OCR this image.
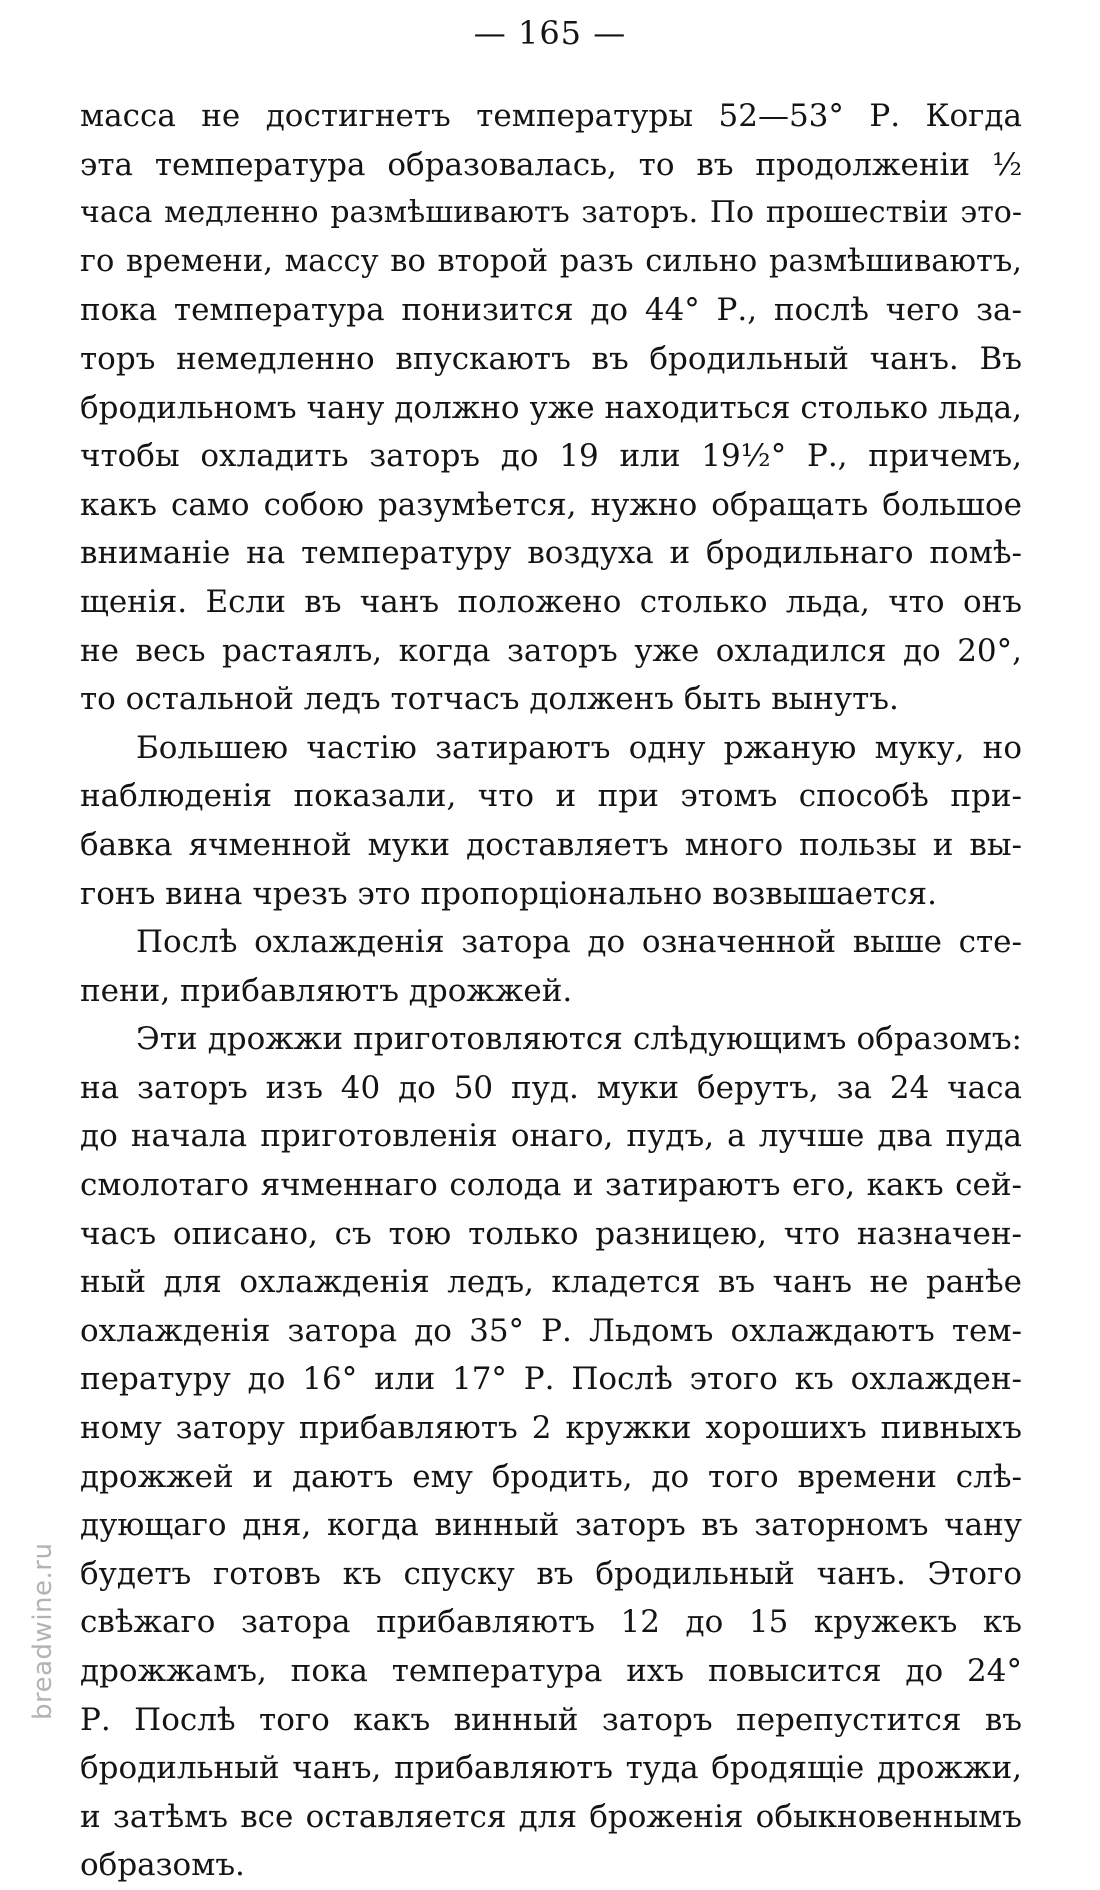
— 165 —
масса не достигнетъ температуры 52—53° Р. Когда
эта температура образовалась, то въ продолженіи ½
часа медленно размѣшиваютъ заторъ. По прошествіи это-
го времени, массу во второй разъ сильно размѣшиваютъ,
пока температура понизится до 44° Р., послѣ чего за-
торъ немедленно впускаютъ въ бродильный чанъ. Въ
бродильномъ чану должно уже находиться столько льда,
чтобы охладить заторъ до 19 или 19½° Р., причемъ,
какъ само собою разумѣется, нужно обращать большое
вниманіе на температуру воздуха и бродильнаго помѣ-
щенія. Если въ чанъ положено столько льда, что онъ
не весь растаялъ, когда заторъ уже охладился до 20°,
то остальной ледъ тотчасъ долженъ быть вынутъ.
Большею частію затираютъ одну ржаную муку, но
наблюденія показали, что и при этомъ способѣ при-
бавка ячменной муки доставляетъ много пользы и вы-
гонъ вина чрезъ это пропорціонально возвышается.
Послѣ охлажденія затора до означенной выше сте-
пени, прибавляютъ дрожжей.
Эти дрожжи приготовляются слѣдующимъ образомъ:
на заторъ изъ 40 до 50 пуд. муки берутъ, за 24 часа
до начала приготовленія онаго, пудъ, а лучше два пуда
смолотаго ячменнаго солода и затираютъ его, какъ сей-
часъ описано, съ тою только разницею, что назначен-
ный для охлажденія ледъ, кладется въ чанъ не ранѣе
охлажденія затора до 35° Р. Льдомъ охлаждаютъ тем-
пературу до 16° или 17° Р. Послѣ этого къ охлажден-
ному затору прибавляютъ 2 кружки хорошихъ пивныхъ
дрожжей и даютъ ему бродить, до того времени слѣ-
дующаго дня, когда винный заторъ въ заторномъ чану
будетъ готовъ къ спуску въ бродильный чанъ. Этого
свѣжаго затора прибавляютъ 12 до 15 кружекъ къ
дрожжамъ, пока температура ихъ повысится до 24°
Р. Послѣ того какъ винный заторъ перепустится въ
бродильный чанъ, прибавляютъ туда бродящіе дрожжи,
и затѣмъ все оставляется для броженія обыкновеннымъ
образомъ.
breadwine.ru
